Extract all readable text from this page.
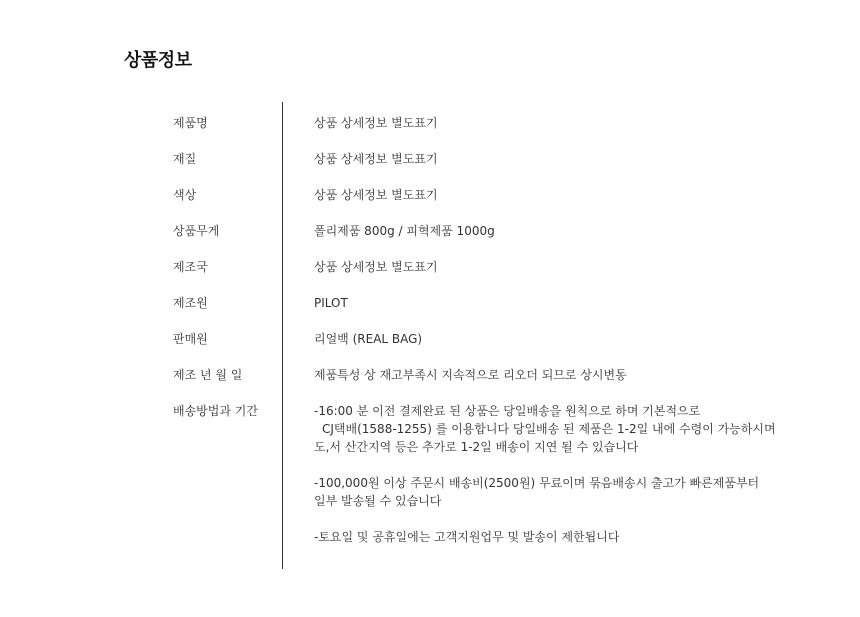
상품정보
제품명	상품 상세정보 별도표기
재질	상품 상세정보 별도표기
색상	상품 상세정보 별도표기
상품무게	폴리제품 800g / 피혁제품 1000g
제조국	상품 상세정보 별도표기
제조원	PILOT
판매원	리얼백 (REAL BAG)
제조 년 월 일	제품특성 상 재고부족시 지속적으로 리오더 되므로 상시변동
배송방법과 기간	-16:00 분 이전 결제완료 된 상품은 당일배송을 원칙으로 하며 기본적으로
CJ택배(1588-1255) 를 이용합니다 당일배송 된 제품은 1-2일 내에 수령이 가능하시며
도,서 산간지역 등은 추가로 1-2일 배송이 지연 될 수 있습니다
-100,000원 이상 주문시 배송비(2500원) 무료이며 묶음배송시 출고가 빠른제품부터
일부 발송될 수 있습니다
-토요일 및 공휴일에는 고객지원업무 및 발송이 제한됩니다
